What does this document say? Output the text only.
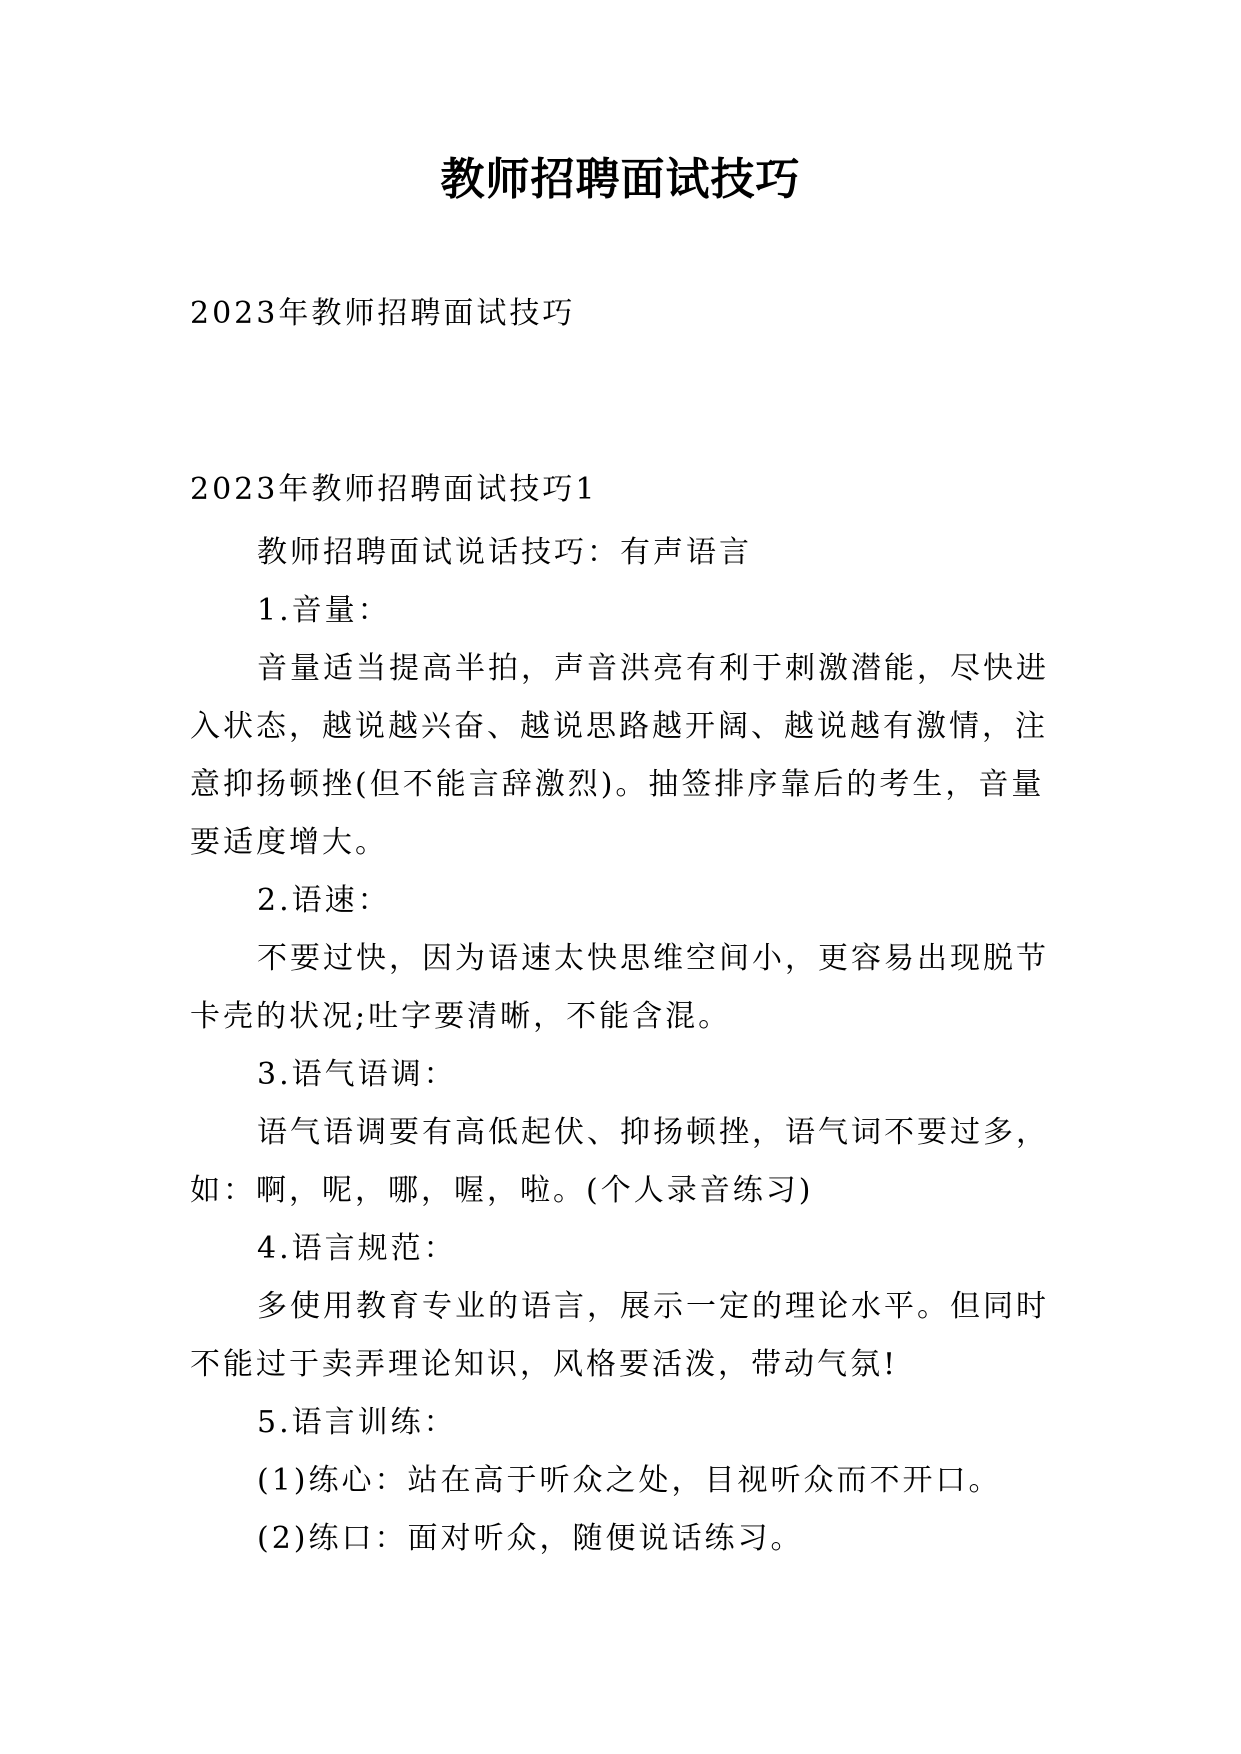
教师招聘面试技巧
2023年教师招聘面试技巧
2023年教师招聘面试技巧1
教师招聘面试说话技巧：有声语言
1.音量：
音量适当提高半拍，声音洪亮有利于刺激潜能，尽快进
入状态，越说越兴奋、越说思路越开阔、越说越有激情，注
意抑扬顿挫(但不能言辞激烈)。抽签排序靠后的考生，音量
要适度增大。
2.语速：
不要过快，因为语速太快思维空间小，更容易出现脱节
卡壳的状况;吐字要清晰，不能含混。
3.语气语调：
语气语调要有高低起伏、抑扬顿挫，语气词不要过多，
如：啊，呢，哪，喔，啦。(个人录音练习)
4.语言规范：
多使用教育专业的语言，展示一定的理论水平。但同时
不能过于卖弄理论知识，风格要活泼，带动气氛!
5.语言训练：
(1)练心：站在高于听众之处，目视听众而不开口。
(2)练口：面对听众，随便说话练习。
